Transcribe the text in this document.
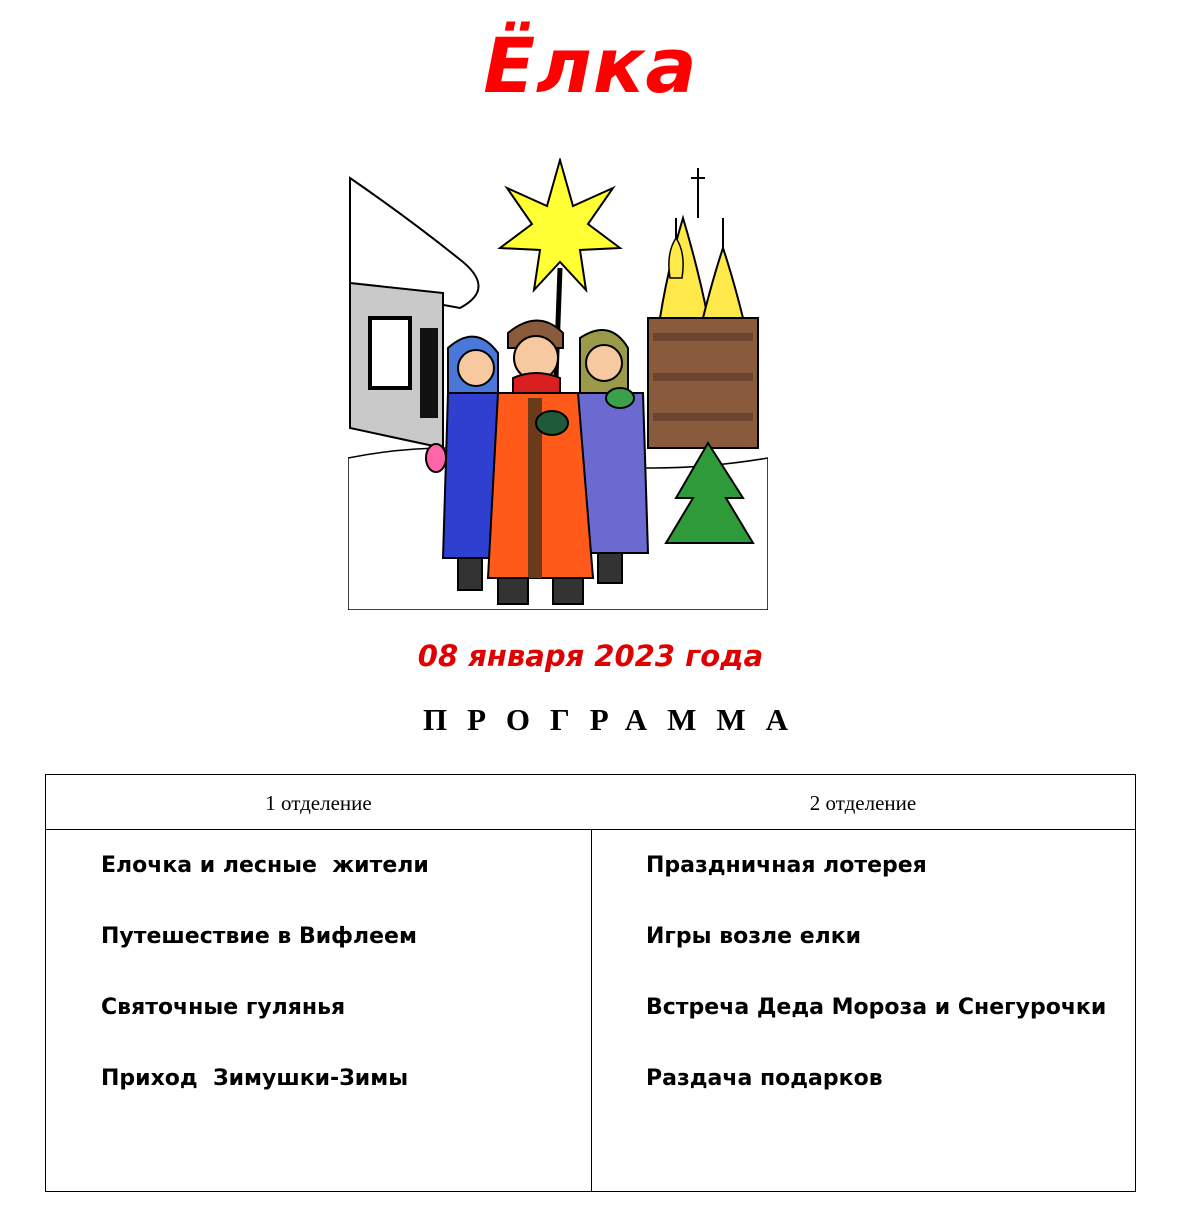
Ёлка
08 января 2023 года
ПРОГРАММА
1 отделение	2 отделение
Елочка и лесные  жители
Путешествие в Вифлеем
Святочные гулянья
Приход  Зимушки-Зимы
Праздничная лотерея
Игры возле елки
Встреча Деда Мороза и Снегурочки
Раздача подарков
